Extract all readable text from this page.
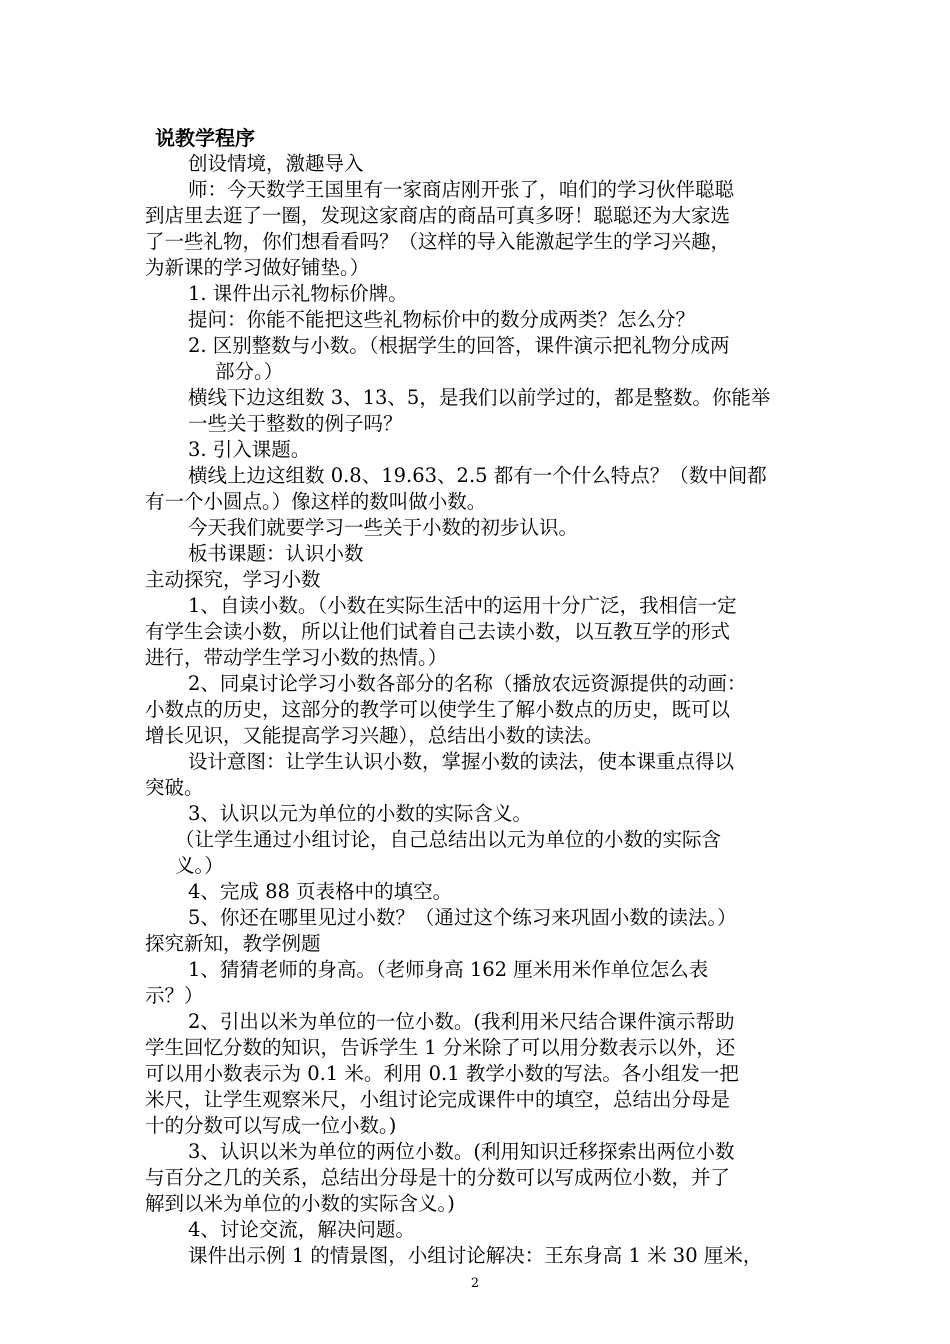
说教学程序
创设情境，激趣导入
师：今天数学王国里有一家商店刚开张了，咱们的学习伙伴聪聪
到店里去逛了一圈，发现这家商店的商品可真多呀！聪聪还为大家选
了一些礼物，你们想看看吗？（这样的导入能激起学生的学习兴趣，
为新课的学习做好铺垫。）
1. 课件出示礼物标价牌。
提问：你能不能把这些礼物标价中的数分成两类？怎么分？
2. 区别整数与小数。（根据学生的回答，课件演示把礼物分成两
部分。）
横线下边这组数 3、13、5，是我们以前学过的，都是整数。你能举
一些关于整数的例子吗？
3. 引入课题。
横线上边这组数 0.8、19.63、2.5 都有一个什么特点？（数中间都
有一个小圆点。）像这样的数叫做小数。
今天我们就要学习一些关于小数的初步认识。
板书课题：认识小数
主动探究，学习小数
1、自读小数。（小数在实际生活中的运用十分广泛，我相信一定
有学生会读小数，所以让他们试着自己去读小数，以互教互学的形式
进行，带动学生学习小数的热情。）
2、同桌讨论学习小数各部分的名称（播放农远资源提供的动画：
小数点的历史，这部分的教学可以使学生了解小数点的历史，既可以
增长见识，又能提高学习兴趣），总结出小数的读法。
设计意图：让学生认识小数，掌握小数的读法，使本课重点得以
突破。
3、认识以元为单位的小数的实际含义。
（让学生通过小组讨论，自己总结出以元为单位的小数的实际含
义。）
4、完成 88 页表格中的填空。
5、你还在哪里见过小数？（通过这个练习来巩固小数的读法。）
探究新知，教学例题
1、猜猜老师的身高。（老师身高 162 厘米用米作单位怎么表
示？）
2、引出以米为单位的一位小数。(我利用米尺结合课件演示帮助
学生回忆分数的知识，告诉学生 1 分米除了可以用分数表示以外，还
可以用小数表示为 0.1 米。利用 0.1 教学小数的写法。各小组发一把
米尺，让学生观察米尺，小组讨论完成课件中的填空，总结出分母是
十的分数可以写成一位小数。)
3、认识以米为单位的两位小数。(利用知识迁移探索出两位小数
与百分之几的关系，总结出分母是十的分数可以写成两位小数，并了
解到以米为单位的小数的实际含义。)
4、讨论交流，解决问题。
课件出示例 1 的情景图，小组讨论解决：王东身高 1 米 30 厘米，
2
